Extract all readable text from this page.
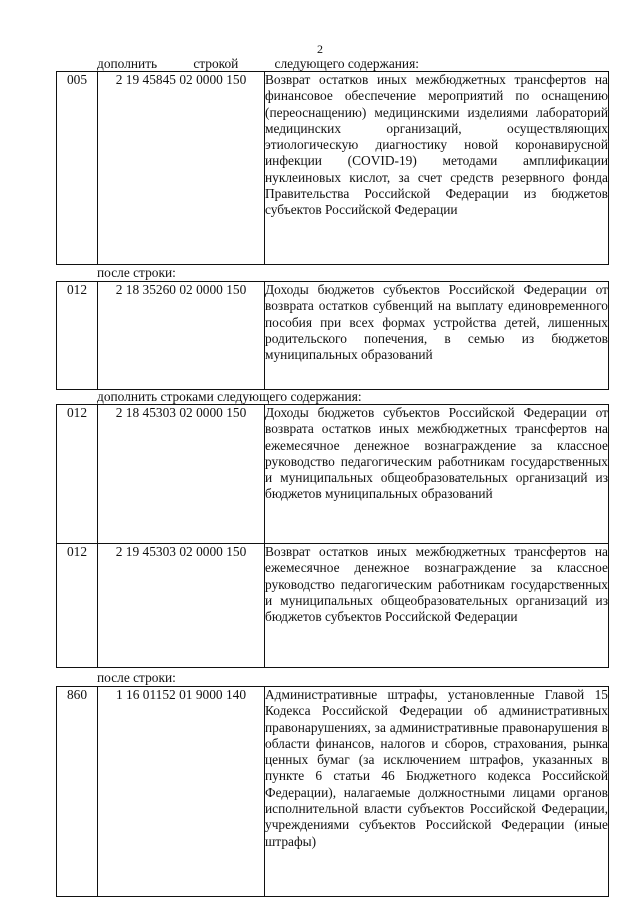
2
дополнить	строкой	следующего содержания:
005	2 19 45845 02 0000 150	Возврат остатков иных межбюджетных трансфертов на финансовое обеспечение мероприятий по оснащению (переоснащению) медицинскими изделиями лабораторий медицинских организаций, осуществляющих этиологическую диагностику новой коронавирусной инфекции (COVID-19) методами амплификации нуклеиновых кислот, за счет средств резервного фонда Правительства Российской Федерации из бюджетов субъектов Российской Федерации
после строки:
012	2 18 35260 02 0000 150	Доходы бюджетов субъектов Российской Федерации от возврата остатков субвенций на выплату единовременного пособия при всех формах устройства детей, лишенных родительского попечения, в семью из бюджетов муниципальных образований
дополнить строками следующего содержания:
012	2 18 45303 02 0000 150	Доходы бюджетов субъектов Российской Федерации от возврата остатков иных межбюджетных трансфертов на ежемесячное денежное вознаграждение за классное руководство педагогическим работникам государственных и муниципальных общеобразовательных организаций из бюджетов муниципальных образований

012	2 19 45303 02 0000 150	Возврат остатков иных межбюджетных трансфертов на ежемесячное денежное вознаграждение за классное руководство педагогическим работникам государственных и муниципальных общеобразовательных организаций из бюджетов субъектов Российской Федерации
после строки:
860	1 16 01152 01 9000 140	Административные штрафы, установленные Главой 15 Кодекса Российской Федерации об административных правонарушениях, за административные правонарушения в области финансов, налогов и сборов, страхования, рынка ценных бумаг (за исключением штрафов, указанных в пункте 6 статьи 46 Бюджетного кодекса Российской Федерации), налагаемые должностными лицами органов исполнительной власти субъектов Российской Федерации, учреждениями субъектов Российской Федерации (иные штрафы)
